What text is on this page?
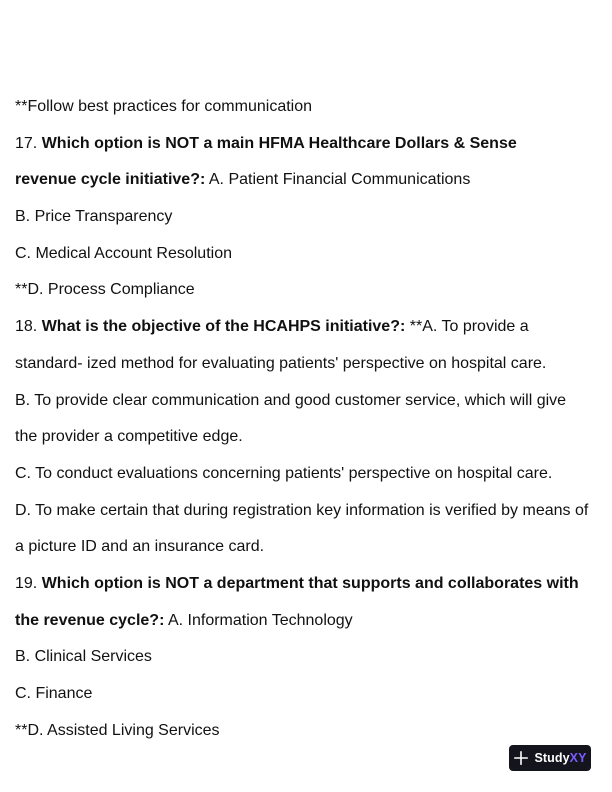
**Follow best practices for communication
17. Which option is NOT a main HFMA Healthcare Dollars & Sense
revenue cycle initiative?: A. Patient Financial Communications
B. Price Transparency
C. Medical Account Resolution
**D. Process Compliance
18. What is the objective of the HCAHPS initiative?: **A. To provide a
standard- ized method for evaluating patients' perspective on hospital care.
B. To provide clear communication and good customer service, which will give
the provider a competitive edge.
C. To conduct evaluations concerning patients' perspective on hospital care.
D. To make certain that during registration key information is verified by means of
a picture ID and an insurance card.
19. Which option is NOT a department that supports and collaborates with
the revenue cycle?: A. Information Technology
B. Clinical Services
C. Finance
**D. Assisted Living Services
StudyXY
